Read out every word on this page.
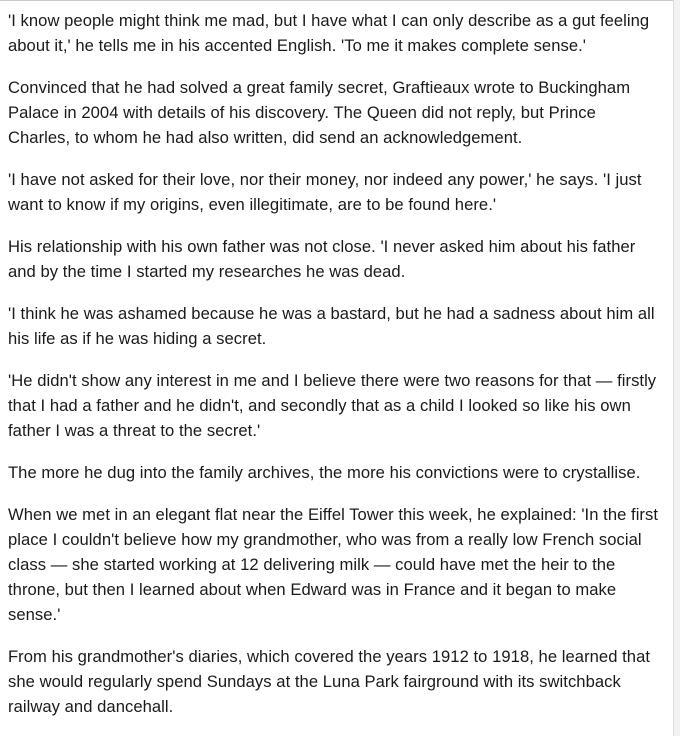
'I know people might think me mad, but I have what I can only describe as a gut feeling about it,' he tells me in his accented English. 'To me it makes complete sense.'

Convinced that he had solved a great family secret, Graftieaux wrote to Buckingham Palace in 2004 with details of his discovery. The Queen did not reply, but Prince Charles, to whom he had also written, did send an acknowledgement.

'I have not asked for their love, nor their money, nor indeed any power,' he says. 'I just want to know if my origins, even illegitimate, are to be found here.'

His relationship with his own father was not close. 'I never asked him about his father and by the time I started my researches he was dead.

'I think he was ashamed because he was a bastard, but he had a sadness about him all his life as if he was hiding a secret.

'He didn't show any interest in me and I believe there were two reasons for that — firstly that I had a father and he didn't, and secondly that as a child I looked so like his own father I was a threat to the secret.'

The more he dug into the family archives, the more his convictions were to crystallise.

When we met in an elegant flat near the Eiffel Tower this week, he explained: 'In the first place I couldn't believe how my grandmother, who was from a really low French social class — she started working at 12 delivering milk — could have met the heir to the throne, but then I learned about when Edward was in France and it began to make sense.'

From his grandmother's diaries, which covered the years 1912 to 1918, he learned that she would regularly spend Sundays at the Luna Park fairground with its switchback railway and dancehall.
